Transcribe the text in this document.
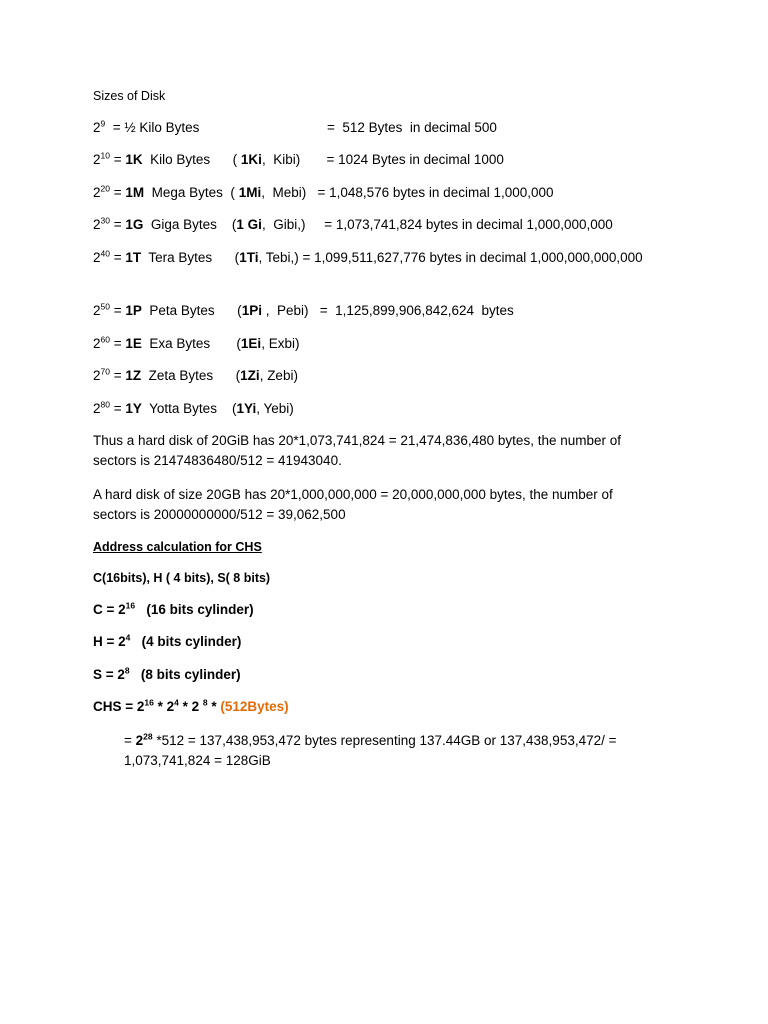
Sizes of Disk
$2^9$  = ½ Kilo Bytes                                  =  512 Bytes  in decimal 500
$2^{10} = 1K$  Kilo Bytes      ( 1Ki,  Kibi)       = 1024 Bytes in decimal 1000
$2^{20} = 1M$  Mega Bytes  ( 1Mi,  Mebi)   = 1,048,576 bytes in decimal 1,000,000
$2^{30} = 1G$  Giga Bytes    (1 Gi,  Gibi,)     = 1,073,741,824 bytes in decimal 1,000,000,000
$2^{40} = 1T$  Tera Bytes      (1Ti, Tebi,) = 1,099,511,627,776 bytes in decimal 1,000,000,000,000
$2^{50} = 1P$  Peta Bytes      (1Pi ,  Pebi)   =  1,125,899,906,842,624  bytes
$2^{60} = 1E$  Exa Bytes       (1Ei, Exbi)
$2^{70} = 1Z$  Zeta Bytes      (1Zi, Zebi)
$2^{80} = 1Y$  Yotta Bytes    (1Yi, Yebi)
Thus a hard disk of 20GiB has 20*1,073,741,824 = 21,474,836,480 bytes, the number of sectors is 21474836480/512 = 41943040.
A hard disk of size 20GB has 20*1,000,000,000 = 20,000,000,000 bytes, the number of sectors is 20000000000/512 = 39,062,500
Address calculation for CHS
C(16bits), H ( 4 bits), S( 8 bits)
$C = 2^{16}$   (16 bits cylinder)
$H = 2^4$   (4 bits cylinder)
$S = 2^8$   (8 bits cylinder)
CHS = $2^{16} * 2^4 * 2$ $^8$ * (512Bytes)
= $2^{28}$ *512 = 137,438,953,472 bytes representing 137.44GB or 137,438,953,472/ = 1,073,741,824 = 128GiB
